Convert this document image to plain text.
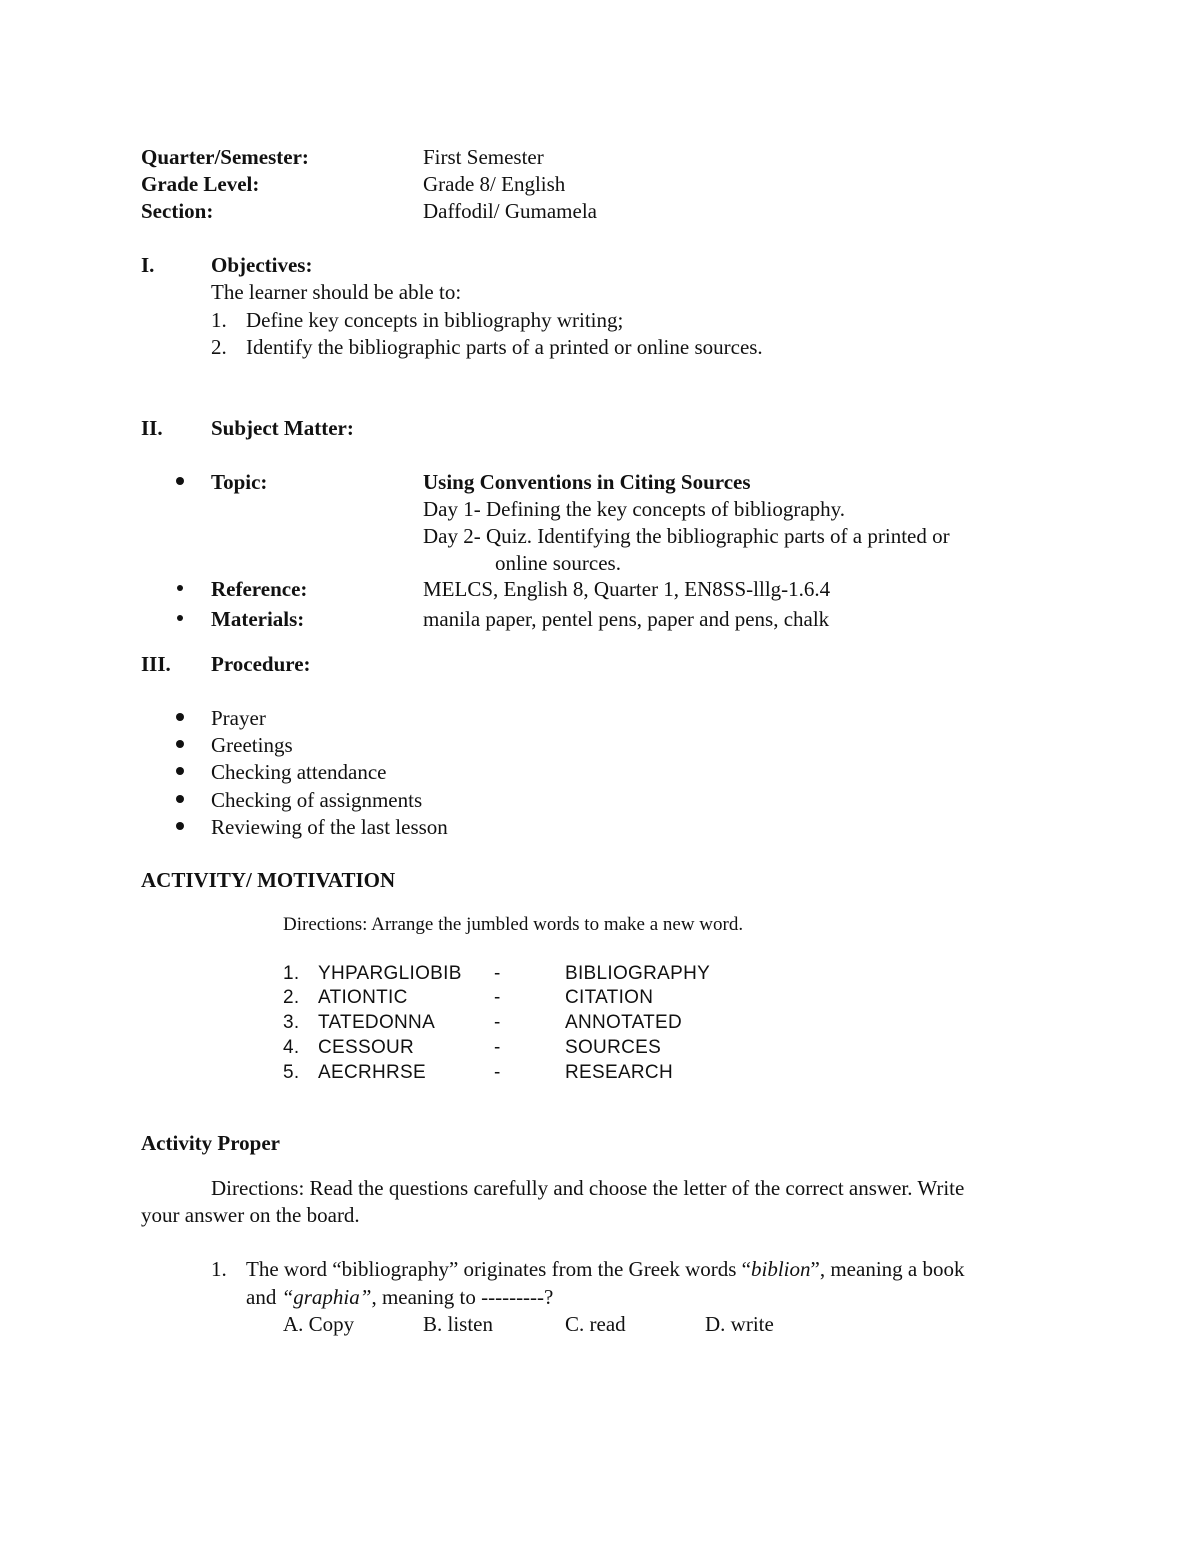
Quarter/Semester:	First Semester
Grade Level:	Grade 8/ English
Section:	Daffodil/ Gumamela
I.	Objectives:
The learner should be able to:
1. Define key concepts in bibliography writing;
2. Identify the bibliographic parts of a printed or online sources.
II. Subject Matter:
Topic:	Using Conventions in Citing Sources
Day 1- Defining the key concepts of bibliography.
Day 2- Quiz. Identifying the bibliographic parts of a printed or
online sources.
Reference:	MELCS, English 8, Quarter 1, EN8SS-lllg-1.6.4
Materials:	manila paper, pentel pens, paper and pens, chalk
III. Procedure:
Prayer
Greetings
Checking attendance
Checking of assignments
Reviewing of the last lesson
ACTIVITY/ MOTIVATION
Directions: Arrange the jumbled words to make a new word.
1. YHPARGLIOBIB -	BIBLIOGRAPHY
2. ATIONTIC	-	CITATION
3. TATEDONNA	-	ANNOTATED
4. CESSOUR	-	SOURCES
5. AECRHRSE	-	RESEARCH
Activity Proper
Directions: Read the questions carefully and choose the letter of the correct answer. Write
your answer on the board.
1. The word “bibliography” originates from the Greek words “biblion”, meaning a book
and “graphia”, meaning to ---------?
A. Copy	B. listen	C. read	D. write
